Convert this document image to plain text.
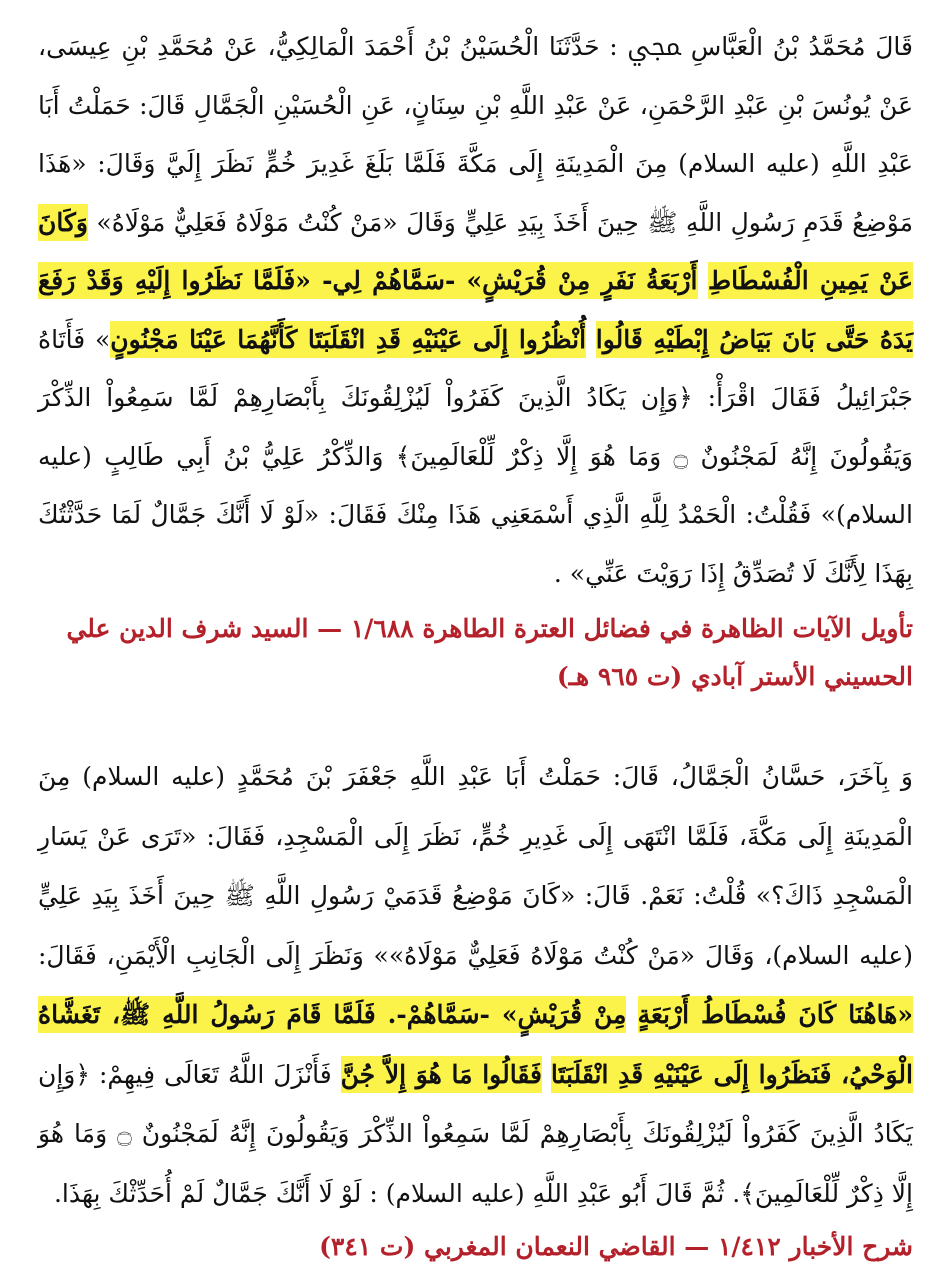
قَالَ مُحَمَّدُ بْنُ الْعَبَّاسِ ﷀ : حَدَّثَنَا الْحُسَيْنُ بْنُ أَحْمَدَ الْمَالِكِيُّ، عَنْ مُحَمَّدِ بْنِ عِيسَى، عَنْ يُونُسَ بْنِ عَبْدِ الرَّحْمَنِ، عَنْ عَبْدِ اللَّهِ بْنِ سِنَانٍ، عَنِ الْحُسَيْنِ الْجَمَّالِ قَالَ: حَمَلْتُ أَبَا عَبْدِ اللَّهِ (عليه السلام) مِنَ الْمَدِينَةِ إِلَى مَكَّةَ فَلَمَّا بَلَغَ غَدِيرَ خُمٍّ نَظَرَ إِلَيَّ وَقَالَ: «هَذَا مَوْضِعُ قَدَمِ رَسُولِ اللَّهِ ﷺ حِينَ أَخَذَ بِيَدِ عَلِيٍّ وَقَالَ «مَنْ كُنْتُ مَوْلَاهُ فَعَلِيٌّ مَوْلَاهُ» وَكَانَ عَنْ يَمِينِ الْفُسْطَاطِ أَرْبَعَةُ نَفَرٍ مِنْ قُرَيْشٍ» -سَمَّاهُمْ لِي- «فَلَمَّا نَظَرُوا إِلَيْهِ وَقَدْ رَفَعَ يَدَهُ حَتَّى بَانَ بَيَاضُ إِبْطَيْهِ قَالُوا أُنْظُرُوا إِلَى عَيْنَيْهِ قَدِ انْقَلَبَتَا كَأَنَّهُمَا عَيْنَا مَجْنُونٍ» فَأَتَاهُ جَبْرَائِيلُ فَقَالَ اقْرَأْ: ﴿وَإِن يَكَادُ الَّذِينَ كَفَرُواْ لَيُزْلِقُونَكَ بِأَبْصَارِهِمْ لَمَّا سَمِعُواْ الذِّكْرَ وَيَقُولُونَ إِنَّهُ لَمَجْنُونٌ ۝ وَمَا هُوَ إِلَّا ذِكْرٌ لِّلْعَالَمِينَ﴾ وَالذِّكْرُ عَلِيُّ بْنُ أَبِي طَالِبٍ (عليه السلام)» فَقُلْتُ: الْحَمْدُ لِلَّهِ الَّذِي أَسْمَعَنِي هَذَا مِنْكَ فَقَالَ: «لَوْ لَا أَنَّكَ جَمَّالٌ لَمَا حَدَّثْتُكَ بِهَذَا لِأَنَّكَ لَا تُصَدِّقُ إِذَا رَوَيْتَ عَنِّي» .

تأويل الآيات الظاهرة في فضائل العترة الطاهرة ١/٦٨٨ — السيد شرف الدين علي
الحسيني الأستر آبادي (ت ٩٦٥ هـ)

وَ بِآخَرَ، حَسَّانُ الْجَمَّالُ، قَالَ: حَمَلْتُ أَبَا عَبْدِ اللَّهِ جَعْفَرَ بْنَ مُحَمَّدٍ (عليه السلام) مِنَ الْمَدِينَةِ إِلَى مَكَّةَ، فَلَمَّا انْتَهَى إِلَى غَدِيرِ خُمٍّ، نَظَرَ إِلَى الْمَسْجِدِ، فَقَالَ: «تَرَى عَنْ يَسَارِ الْمَسْجِدِ ذَاكَ؟» قُلْتُ: نَعَمْ. قَالَ: «كَانَ مَوْضِعُ قَدَمَيْ رَسُولِ اللَّهِ ﷺ حِينَ أَخَذَ بِيَدِ عَلِيٍّ (عليه السلام)، وَقَالَ «مَنْ كُنْتُ مَوْلَاهُ فَعَلِيٌّ مَوْلَاهُ»» وَنَظَرَ إِلَى الْجَانِبِ الْأَيْمَنِ، فَقَالَ: «هَاهُنَا كَانَ فُسْطَاطُ أَرْبَعَةٍ مِنْ قُرَيْشٍ» -سَمَّاهُمْ-. فَلَمَّا قَامَ رَسُولُ اللَّهِ ﷺ، تَغَشَّاهُ الْوَحْيُ، فَنَظَرُوا إِلَى عَيْنَيْهِ قَدِ انْقَلَبَتَا فَقَالُوا مَا هُوَ إِلاَّ جُنَّ فَأَنْزَلَ اللَّهُ تَعَالَى فِيهِمْ: ﴿وَإِن يَكَادُ الَّذِينَ كَفَرُواْ لَيُزْلِقُونَكَ بِأَبْصَارِهِمْ لَمَّا سَمِعُواْ الذِّكْرَ وَيَقُولُونَ إِنَّهُ لَمَجْنُونٌ ۝ وَمَا هُوَ إِلَّا ذِكْرٌ لِّلْعَالَمِينَ﴾. ثُمَّ قَالَ أَبُو عَبْدِ اللَّهِ (عليه السلام) : لَوْ لَا أَنَّكَ جَمَّالٌ لَمْ أُحَدِّثْكَ بِهَذَا.

شرح الأخبار ١/٤١٢ — القاضي النعمان المغربي (ت ٣٤١)
